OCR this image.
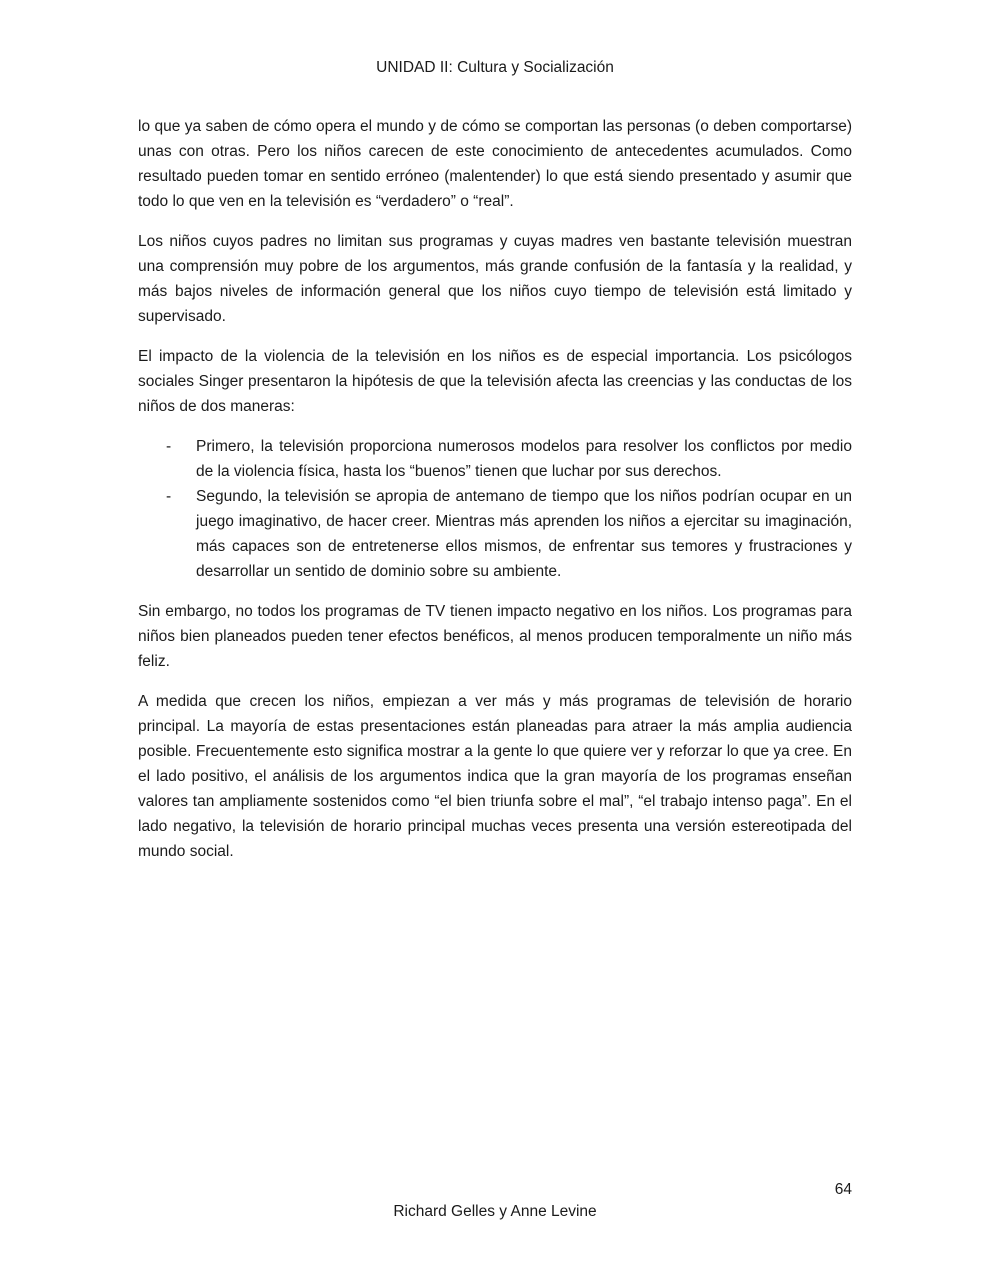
UNIDAD II: Cultura y Socialización

lo que ya saben de cómo opera el mundo y de cómo se comportan las personas (o deben comportarse) unas con otras. Pero los niños carecen de este conocimiento de antecedentes acumulados. Como resultado pueden tomar en sentido erróneo (malentender) lo que está siendo presentado y asumir que todo lo que ven en la televisión es “verdadero” o “real”.

Los niños cuyos padres no limitan sus programas y cuyas madres ven bastante televisión muestran una comprensión muy pobre de los argumentos, más grande confusión de la fantasía y la realidad, y más bajos niveles de información general que los niños cuyo tiempo de televisión está limitado y supervisado.

El impacto de la violencia de la televisión en los niños es de especial importancia. Los psicólogos sociales Singer presentaron la hipótesis de que la televisión afecta las creencias y las conductas de los niños de dos maneras:

- Primero, la televisión proporciona numerosos modelos para resolver los conflictos por medio de la violencia física, hasta los “buenos” tienen que luchar por sus derechos.
- Segundo, la televisión se apropia de antemano de tiempo que los niños podrían ocupar en un juego imaginativo, de hacer creer. Mientras más aprenden los niños a ejercitar su imaginación, más capaces son de entretenerse ellos mismos, de enfrentar sus temores y frustraciones y desarrollar un sentido de dominio sobre su ambiente.

Sin embargo, no todos los programas de TV tienen impacto negativo en los niños. Los programas para niños bien planeados pueden tener efectos benéficos, al menos producen temporalmente un niño más feliz.

A medida que crecen los niños, empiezan a ver más y más programas de televisión de horario principal. La mayoría de estas presentaciones están planeadas para atraer la más amplia audiencia posible. Frecuentemente esto significa mostrar a la gente lo que quiere ver y reforzar lo que ya cree. En el lado positivo, el análisis de los argumentos indica que la gran mayoría de los programas enseñan valores tan ampliamente sostenidos como “el bien triunfa sobre el mal”, “el trabajo intenso paga”. En el lado negativo, la televisión de horario principal muchas veces presenta una versión estereotipada del mundo social.

64
Richard Gelles y Anne Levine
